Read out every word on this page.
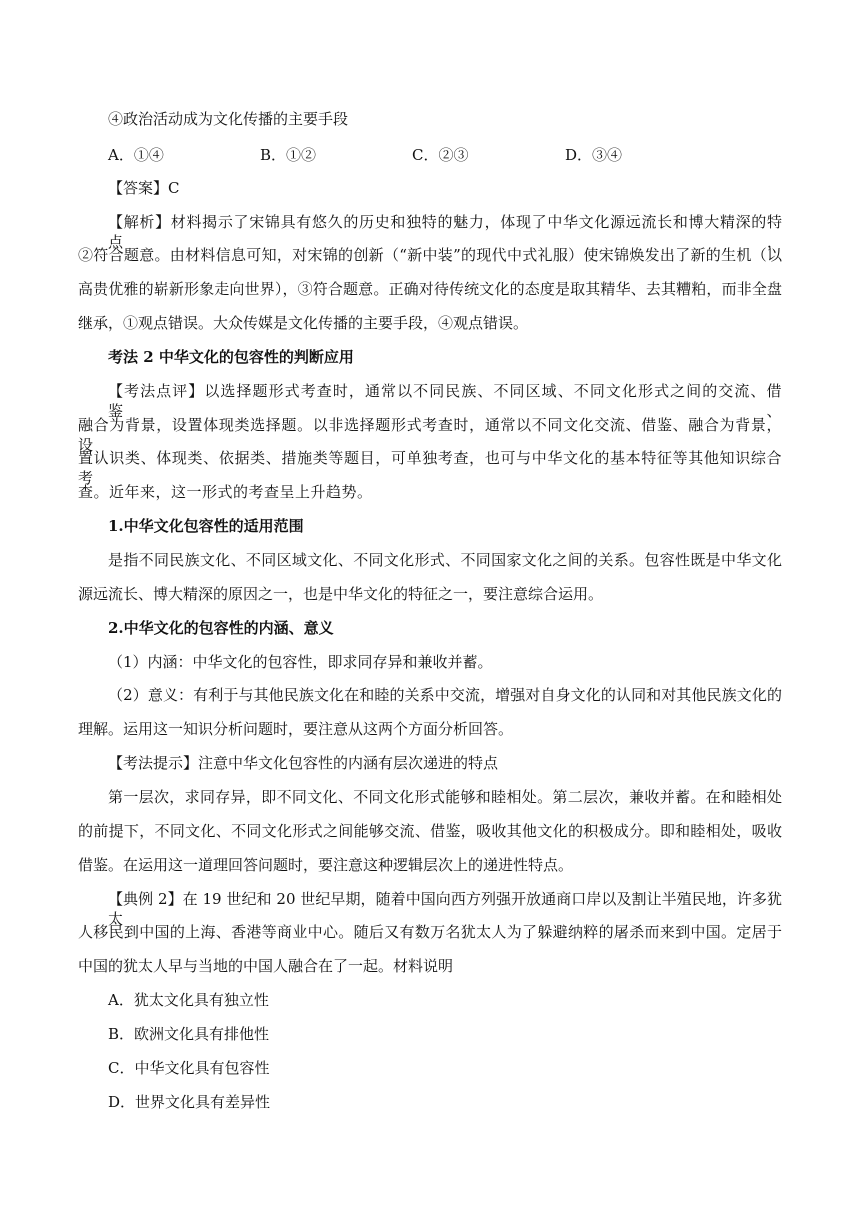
④政治活动成为文化传播的主要手段
A．①④	B．①②	C．②③	D．③④
【答案】C
【解析】材料揭示了宋锦具有悠久的历史和独特的魅力，体现了中华文化源远流长和博大精深的特点，
②符合题意。由材料信息可知，对宋锦的创新（“新中装”的现代中式礼服）使宋锦焕发出了新的生机（以
高贵优雅的崭新形象走向世界），③符合题意。正确对待传统文化的态度是取其精华、去其糟粕，而非全盘
继承，①观点错误。大众传媒是文化传播的主要手段，④观点错误。
考法 2 中华文化的包容性的判断应用
【考法点评】以选择题形式考查时，通常以不同民族、不同区域、不同文化形式之间的交流、借鉴、
融合为背景，设置体现类选择题。以非选择题形式考查时，通常以不同文化交流、借鉴、融合为背景，设
置认识类、体现类、依据类、措施类等题目，可单独考查，也可与中华文化的基本特征等其他知识综合考
查。近年来，这一形式的考查呈上升趋势。
1.中华文化包容性的适用范围
是指不同民族文化、不同区域文化、不同文化形式、不同国家文化之间的关系。包容性既是中华文化
源远流长、博大精深的原因之一，也是中华文化的特征之一，要注意综合运用。
2.中华文化的包容性的内涵、意义
（1）内涵：中华文化的包容性，即求同存异和兼收并蓄。
（2）意义：有利于与其他民族文化在和睦的关系中交流，增强对自身文化的认同和对其他民族文化的
理解。运用这一知识分析问题时，要注意从这两个方面分析回答。
【考法提示】注意中华文化包容性的内涵有层次递进的特点
第一层次，求同存异，即不同文化、不同文化形式能够和睦相处。第二层次，兼收并蓄。在和睦相处
的前提下，不同文化、不同文化形式之间能够交流、借鉴，吸收其他文化的积极成分。即和睦相处，吸收
借鉴。在运用这一道理回答问题时，要注意这种逻辑层次上的递进性特点。
【典例 2】在 19 世纪和 20 世纪早期，随着中国向西方列强开放通商口岸以及割让半殖民地，许多犹太
人移民到中国的上海、香港等商业中心。随后又有数万名犹太人为了躲避纳粹的屠杀而来到中国。定居于
中国的犹太人早与当地的中国人融合在了一起。材料说明
A．犹太文化具有独立性
B．欧洲文化具有排他性
C．中华文化具有包容性
D．世界文化具有差异性
